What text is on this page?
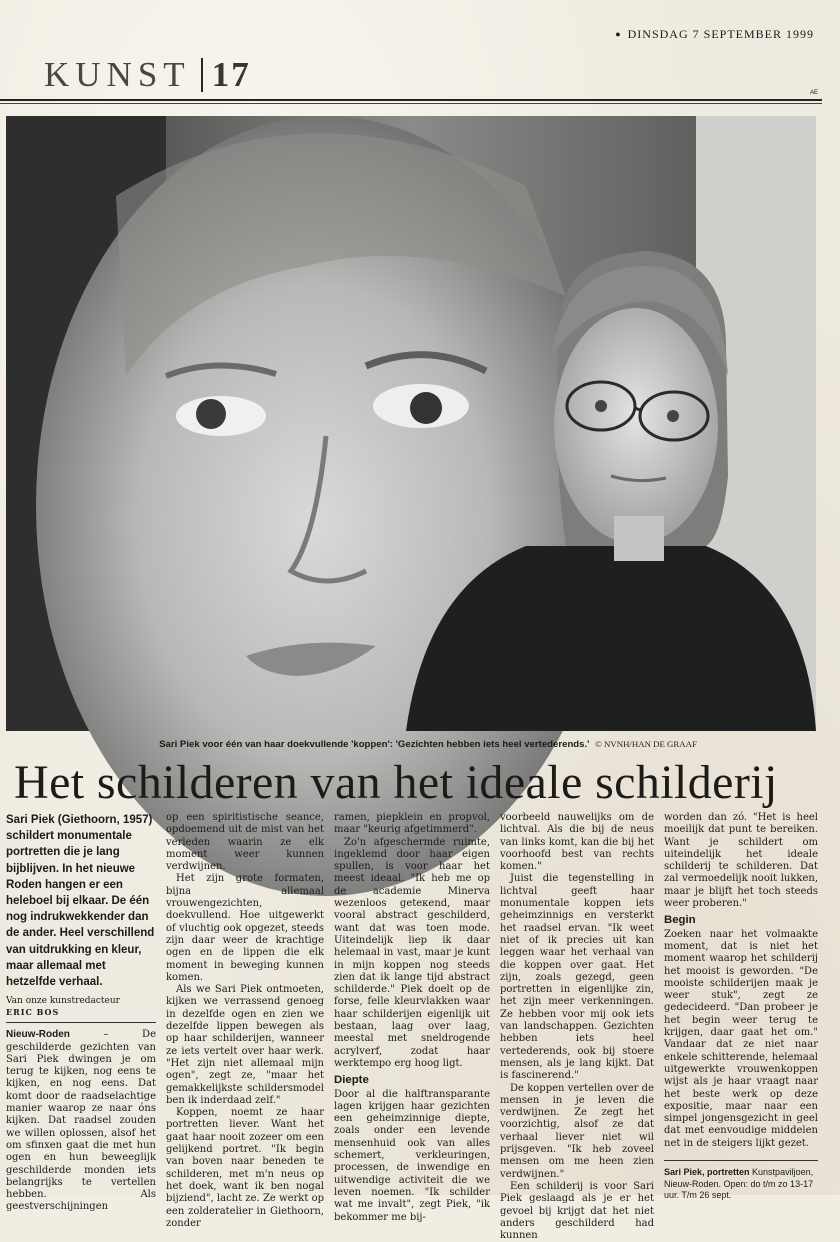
● DINSDAG 7 SEPTEMBER 1999
KUNST 17	AE
Sari Piek voor één van haar doekvullende 'koppen': 'Gezichten hebben iets heel vertederends.' © NVNH/HAN DE GRAAF
Het schilderen van het ideale schilderij
Sari Piek (Giethoorn, 1957) schildert monumentale portretten die je lang bijblijven. In het nieuwe Roden hangen er een heleboel bij elkaar. De één nog indrukwekkender dan de ander. Heel verschillend van uitdrukking en kleur, maar allemaal met hetzelfde verhaal.
Van onze kunstredacteur
ERIC BOS

Nieuw-Roden – De geschilderde gezichten van Sari Piek dwingen je om terug te kijken, nog eens te kijken, en nog eens. Dat komt door de raadselachtige manier waarop ze naar óns kijken. Dat raadsel zouden we willen oplossen, alsof het om sfinxen gaat die met hun ogen en hun beweeglijk geschilderde monden iets belangrijks te vertellen hebben. Als geestverschijningen

op een spiritistische seance, opdoemend uit de mist van het verleden waarin ze elk moment weer kunnen verdwijnen.

Het zijn grote formaten, bijna allemaal vrouwengezichten, doekvullend. Hoe uitgewerkt of vluchtig ook opgezet, steeds zijn daar weer de krachtige ogen en de lippen die elk moment in beweging kunnen komen.

Als we Sari Piek ontmoeten, kijken we verrassend genoeg in dezelfde ogen en zien we dezelfde lippen bewegen als op haar schilderijen, wanneer ze iets vertelt over haar werk. "Het zijn niet allemaal mijn ogen", zegt ze, "maar het gemakkelijkste schildersmodel ben ik inderdaad zelf."

Koppen, noemt ze haar portretten liever. Want het gaat haar nooit zozeer om een gelijkend portret. "Ik begin van boven naar beneden te schilderen, met m'n neus op het doek, want ik ben nogal bijziend", lacht ze. Ze werkt op een zolderatelier in Giethoorn, zonder

ramen, piepklein en propvol, maar "keurig afgetimmerd".

Zo'n afgeschermde ruimte, ingeklemd door haar eigen spullen, is voor haar het meest ideaal. "Ik heb me op de academie Minerva wezenloos geteкend, maar vooral abstract geschilderd, want dat was toen mode. Uiteindelijk liep ik daar helemaal in vast, maar je kunt in mijn koppen nog steeds zien dat ik lange tijd abstract schilderde." Piek doelt op de forse, felle kleurvlakken waar haar schilderijen eigenlijk uit bestaan, laag over laag, meestal met sneldrogende acrylverf, zodat haar werktempo erg hoog ligt.

Diepte

Door al die halftransparante lagen krijgen haar gezichten een geheimzinnige diepte, zoals onder een levende mensenhuid ook van alles schemert, verkleuringen, processen, de inwendige en uitwendige activiteit die we leven noemen. "Ik schilder wat me invalt", zegt Piek, "ik bekommer me bij-

voorbeeld nauwelijks om de lichtval. Als die bij de neus van links komt, kan die bij het voorhoofd best van rechts komen."

Juist die tegenstelling in lichtval geeft haar monumentale koppen iets geheimzinnigs en versterkt het raadsel ervan. "Ik weet niet of ik precies uit kan leggen waar het verhaal van die koppen over gaat. Het zijn, zoals gezegd, geen portretten in eigenlijke zin, het zijn meer verkenningen. Ze hebben voor mij ook iets van landschappen. Gezichten hebben iets heel vertederends, ook bij stoere mensen, als je lang kijkt. Dat is fascinerend."

De koppen vertellen over de mensen in je leven die verdwijnen. Ze zegt het voorzichtig, alsof ze dat verhaal liever niet wil prijsgeven. "Ik heb zoveel mensen om me heen zien verdwijnen."

Een schilderij is voor Sari Piek geslaagd als je er het gevoel bij krijgt dat het niet anders geschilderd had kunnen

worden dan zó. "Het is heel moeilijk dat punt te bereiken. Want je schildert om uiteindelijk het ideale schilderij te schilderen. Dat zal vermoedelijk nooit lukken, maar je blijft het toch steeds weer proberen."

Begin

Zoeken naar het volmaakte moment, dat is niet het moment waarop het schilderij het mooist is geworden. "De mooiste schilderijen maak je weer stuk", zegt ze gedecideerd. "Dan probeer je het begin weer terug te krijgen, daar gaat het om." Vandaar dat ze niet naar enkele schitterende, helemaal uitgewerkte vrouwenkoppen wijst als je haar vraagt naar het beste werk op deze expositie, maar naar een simpel jongensgezicht in geel dat met eenvoudige middelen net in de steigers lijkt gezet.

Sari Piek, portretten Kunstpaviljoen, Nieuw-Roden. Open: do t/m zo 13-17 uur. T/m 26 sept.
